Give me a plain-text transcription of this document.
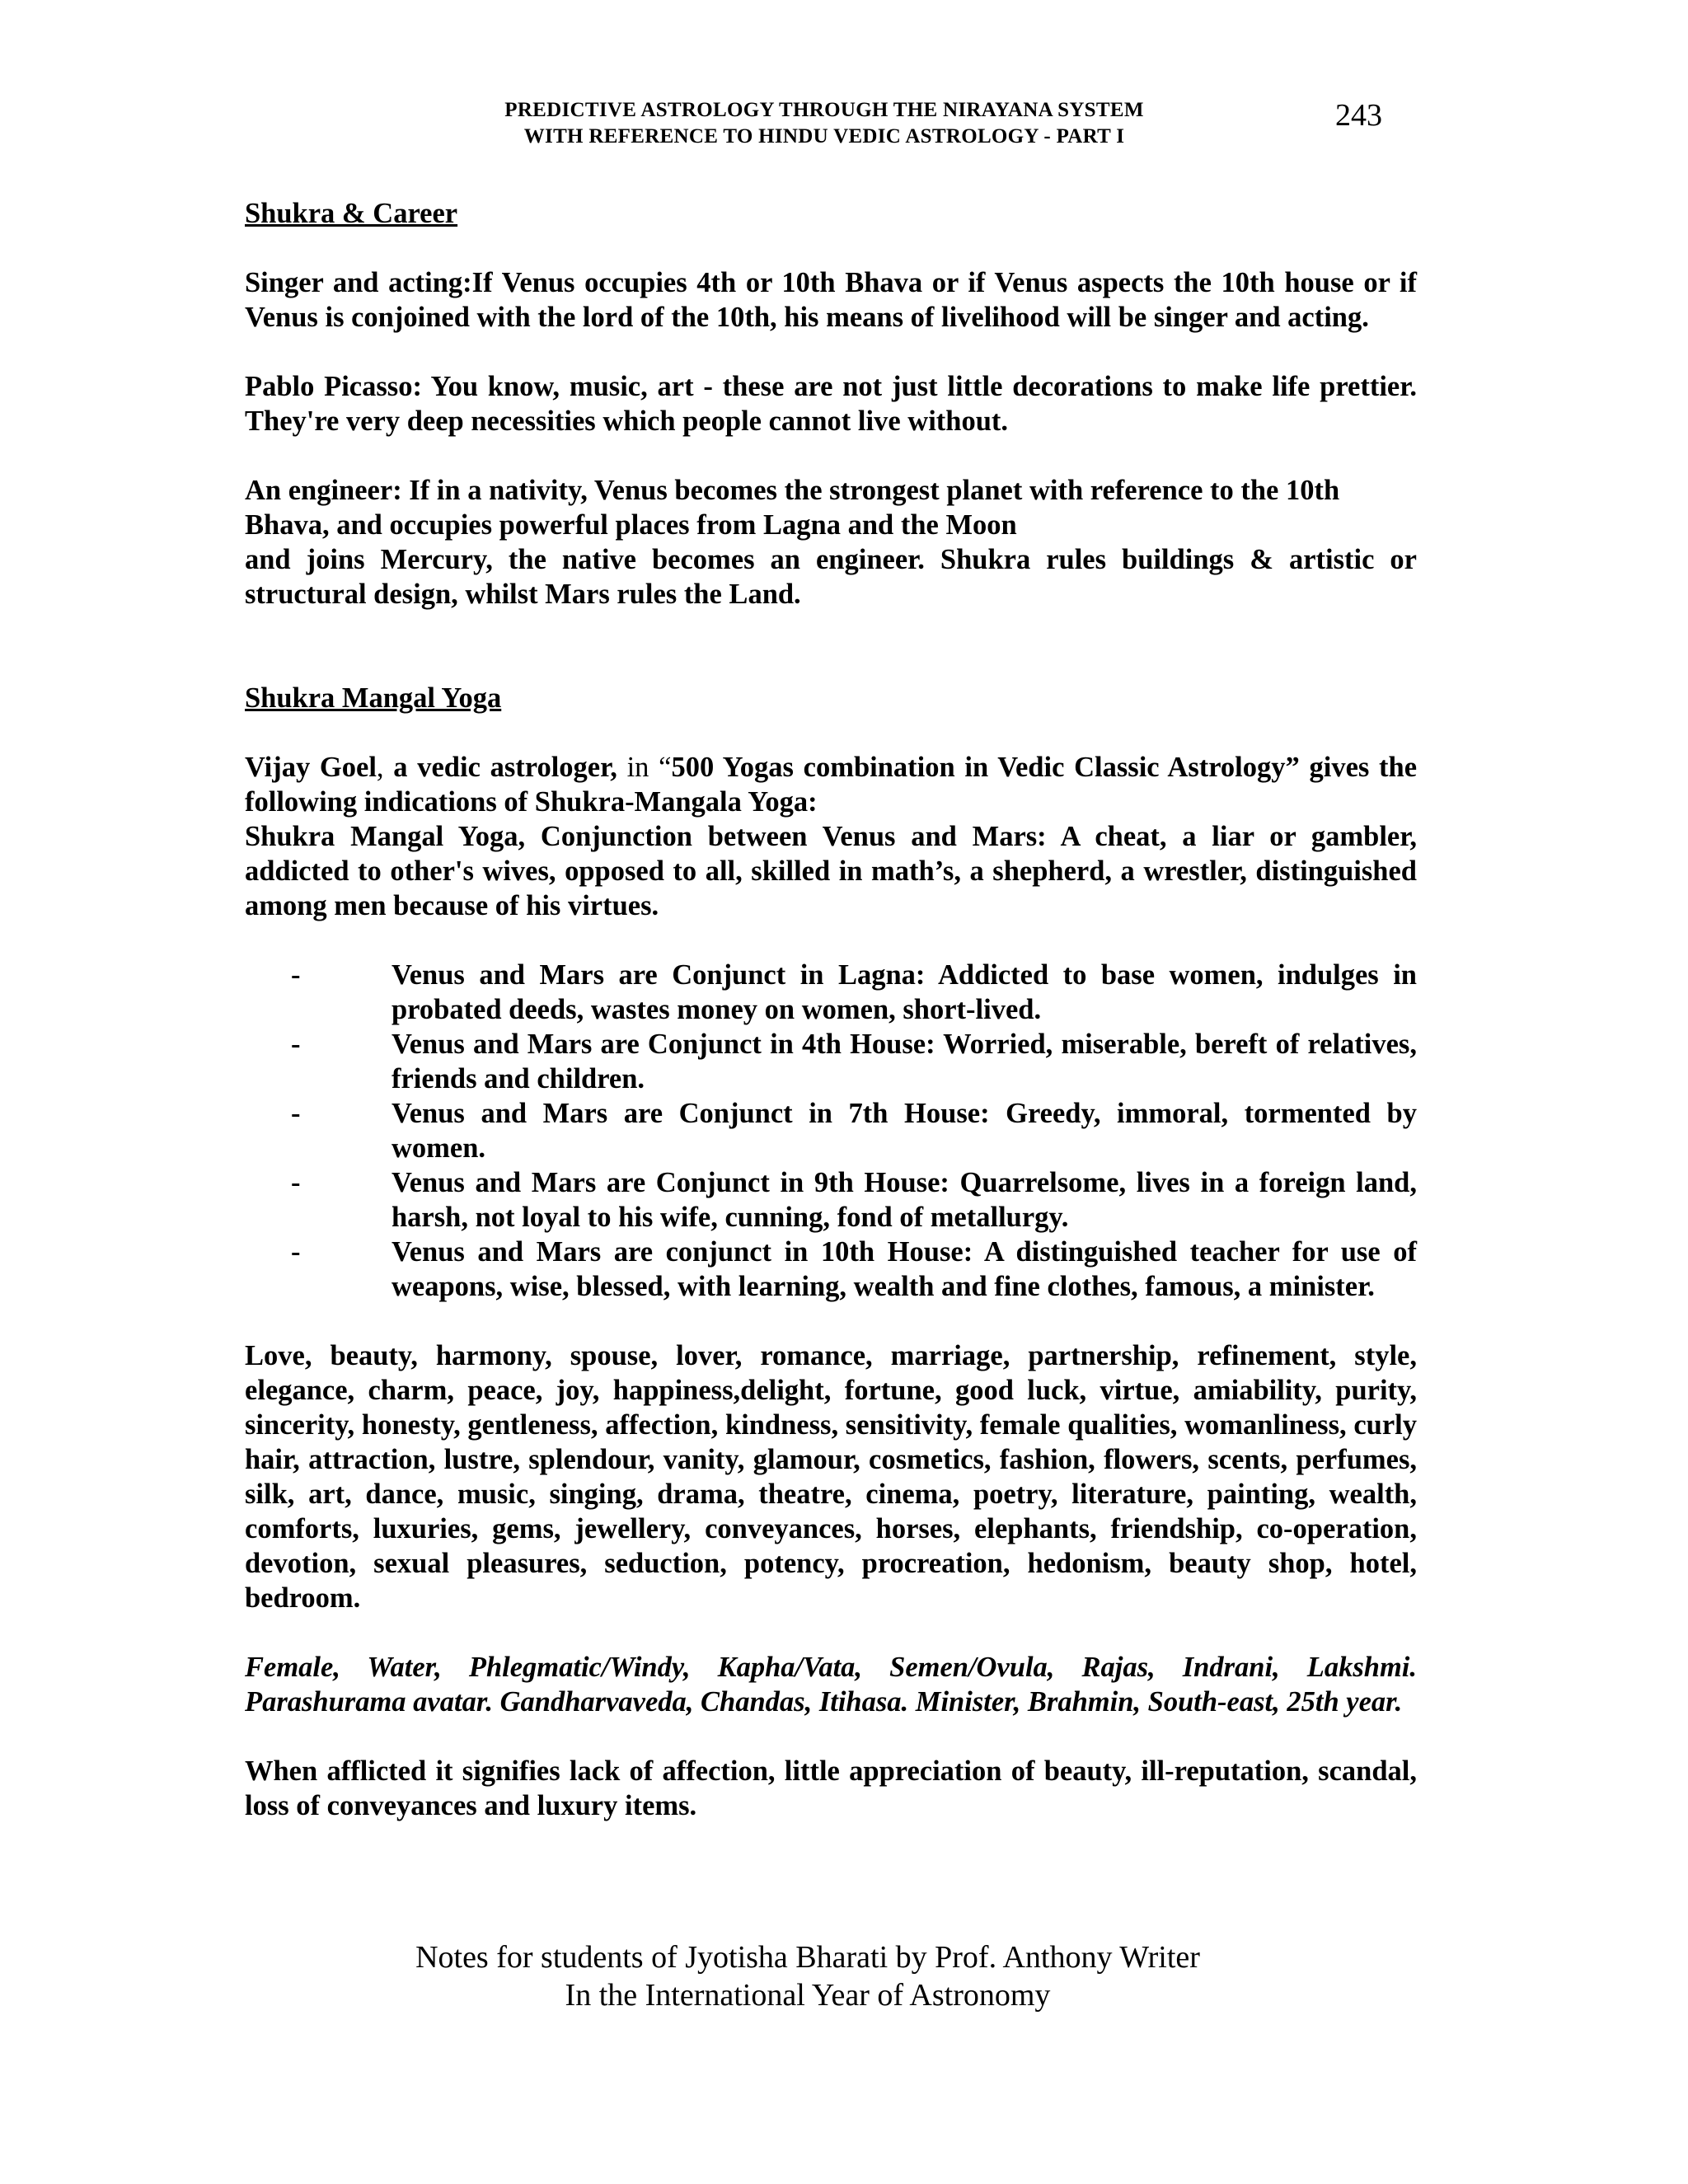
PREDICTIVE ASTROLOGY THROUGH THE NIRAYANA SYSTEM
WITH REFERENCE TO HINDU VEDIC ASTROLOGY - PART I
243
Shukra & Career

Singer and acting:If Venus occupies 4th or 10th Bhava or if Venus aspects the 10th house or if Venus is conjoined with the lord of the 10th, his means of livelihood will be singer and acting.

Pablo Picasso: You know, music, art - these are not just little decorations to make life prettier. They're very deep necessities which people cannot live without.

An engineer: If in a nativity, Venus becomes the strongest planet with reference to the 10th Bhava, and occupies powerful places from Lagna and the Moon

and joins Mercury, the native becomes an engineer. Shukra rules buildings & artistic or structural design, whilst Mars rules the Land.

Shukra Mangal Yoga

Vijay Goel, a vedic astrologer, in “500 Yogas combination in Vedic Classic Astrology” gives the following indications of Shukra-Mangala Yoga:

Shukra Mangal Yoga, Conjunction between Venus and Mars: A cheat, a liar or gambler, addicted to other's wives, opposed to all, skilled in math’s, a shepherd, a wrestler, distinguished among men because of his virtues.

-	Venus and Mars are Conjunct in Lagna: Addicted to base women, indulges in probated deeds, wastes money on women, short-lived.
-	Venus and Mars are Conjunct in 4th House: Worried, miserable, bereft of relatives, friends and children.
-	Venus and Mars are Conjunct in 7th House: Greedy, immoral, tormented by women.
-	Venus and Mars are Conjunct in 9th House: Quarrelsome, lives in a foreign land, harsh, not loyal to his wife, cunning, fond of metallurgy.
-	Venus and Mars are conjunct in 10th House: A distinguished teacher for use of weapons, wise, blessed, with learning, wealth and fine clothes, famous, a minister.

Love, beauty, harmony, spouse, lover, romance, marriage, partnership, refinement, style, elegance, charm, peace, joy, happiness,delight, fortune, good luck, virtue, amiability, purity, sincerity, honesty, gentleness, affection, kindness, sensitivity, female qualities, womanliness, curly hair, attraction, lustre, splendour, vanity, glamour, cosmetics, fashion, flowers, scents, perfumes, silk, art, dance, music, singing, drama, theatre, cinema, poetry, literature, painting, wealth, comforts, luxuries, gems, jewellery, conveyances, horses, elephants, friendship, co-operation, devotion, sexual pleasures, seduction, potency, procreation, hedonism, beauty shop, hotel, bedroom.

Female, Water, Phlegmatic/Windy, Kapha/Vata, Semen/Ovula, Rajas, Indrani, Lakshmi. Parashurama avatar. Gandharvaveda, Chandas, Itihasa. Minister, Brahmin, South-east, 25th year.

When afflicted it signifies lack of affection, little appreciation of beauty, ill-reputation, scandal, loss of conveyances and luxury items.

Notes for students of Jyotisha Bharati by Prof. Anthony Writer
In the International Year of Astronomy
